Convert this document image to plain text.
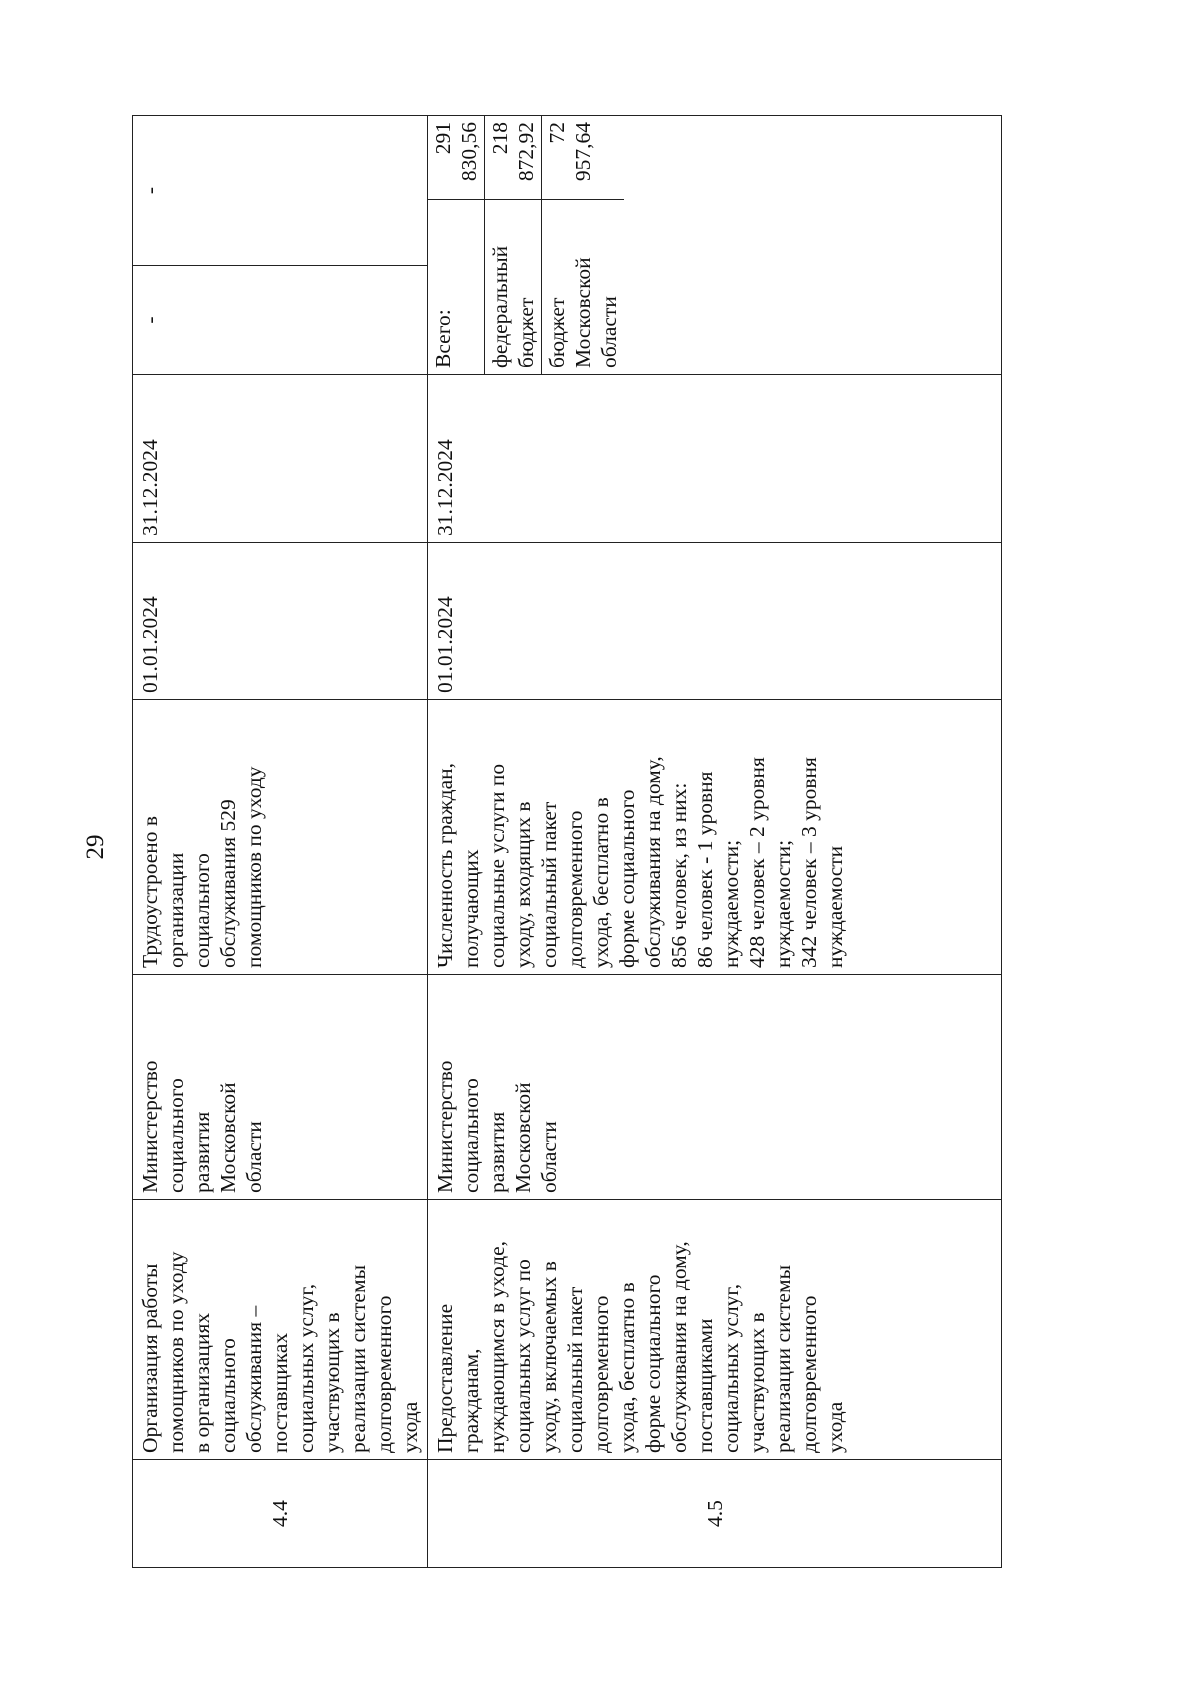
29
4.4	Организация работы
помощников по уходу
в организациях
социального
обслуживания –
поставщиках
социальных услуг,
участвующих в
реализации системы
долговременного
ухода	Министерство
социального
развития
Московской
области	Трудоустроено в
организации
социального
обслуживания 529
помощников по уходу	01.01.2024	31.12.2024	-	-
4.5	Предоставление
гражданам,
нуждающимся в уходе,
социальных услуг по
уходу, включаемых в
социальный пакет
долговременного
ухода, бесплатно в
форме социального
обслуживания на дому,
поставщиками
социальных услуг,
участвующих в
реализации системы
долговременного
ухода	Министерство
социального
развития
Московской
области	Численность граждан,
получающих
социальные услуги по
уходу, входящих в
социальный пакет
долговременного
ухода, бесплатно в
форме социального
обслуживания на дому,
856 человек, из них:
86 человек - 1 уровня
нуждаемости;
428 человек – 2 уровня
нуждаемости;
342 человек – 3 уровня
нуждаемости	01.01.2024	31.12.2024	
Всего:	291 830,56
федеральный
бюджет	218 872,92
бюджет
Московской
области	72 957,64
